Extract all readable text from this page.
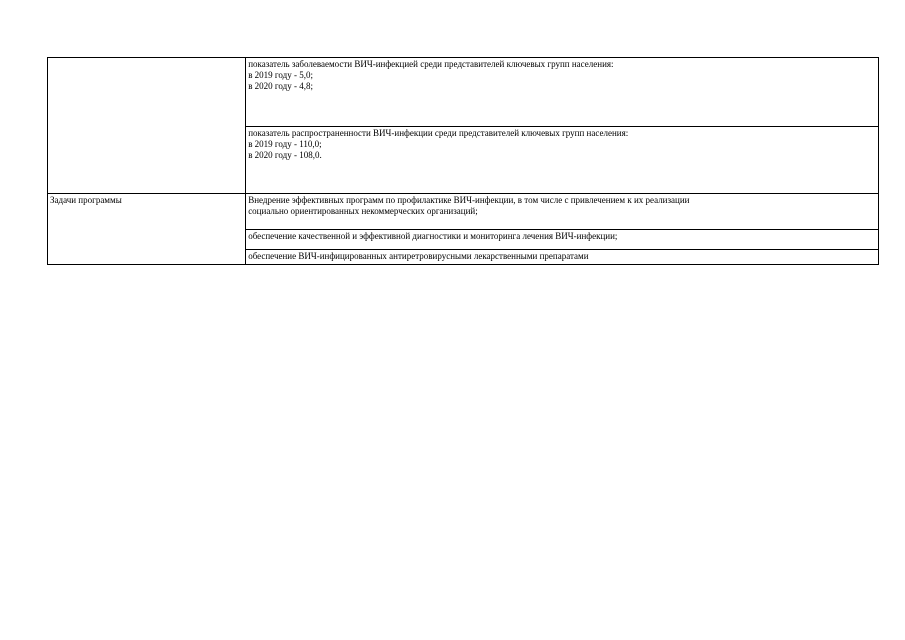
	показатель заболеваемости ВИЧ-инфекцией среди представителей ключевых групп населения:
в 2019 году - 5,0;
в 2020 году - 4,8;

	показатель распространенности ВИЧ-инфекции среди представителей ключевых групп населения:
в 2019 году - 110,0;
в 2020 году - 108,0.

Задачи программы	Внедрение эффективных программ по профилактике ВИЧ-инфекции, в том числе с привлечением к их реализации
социально ориентированных некоммерческих организаций;

	обеспечение качественной и эффективной диагностики и мониторинга лечения ВИЧ-инфекции;

	обеспечение ВИЧ-инфицированных антиретровирусными лекарственными препаратами
